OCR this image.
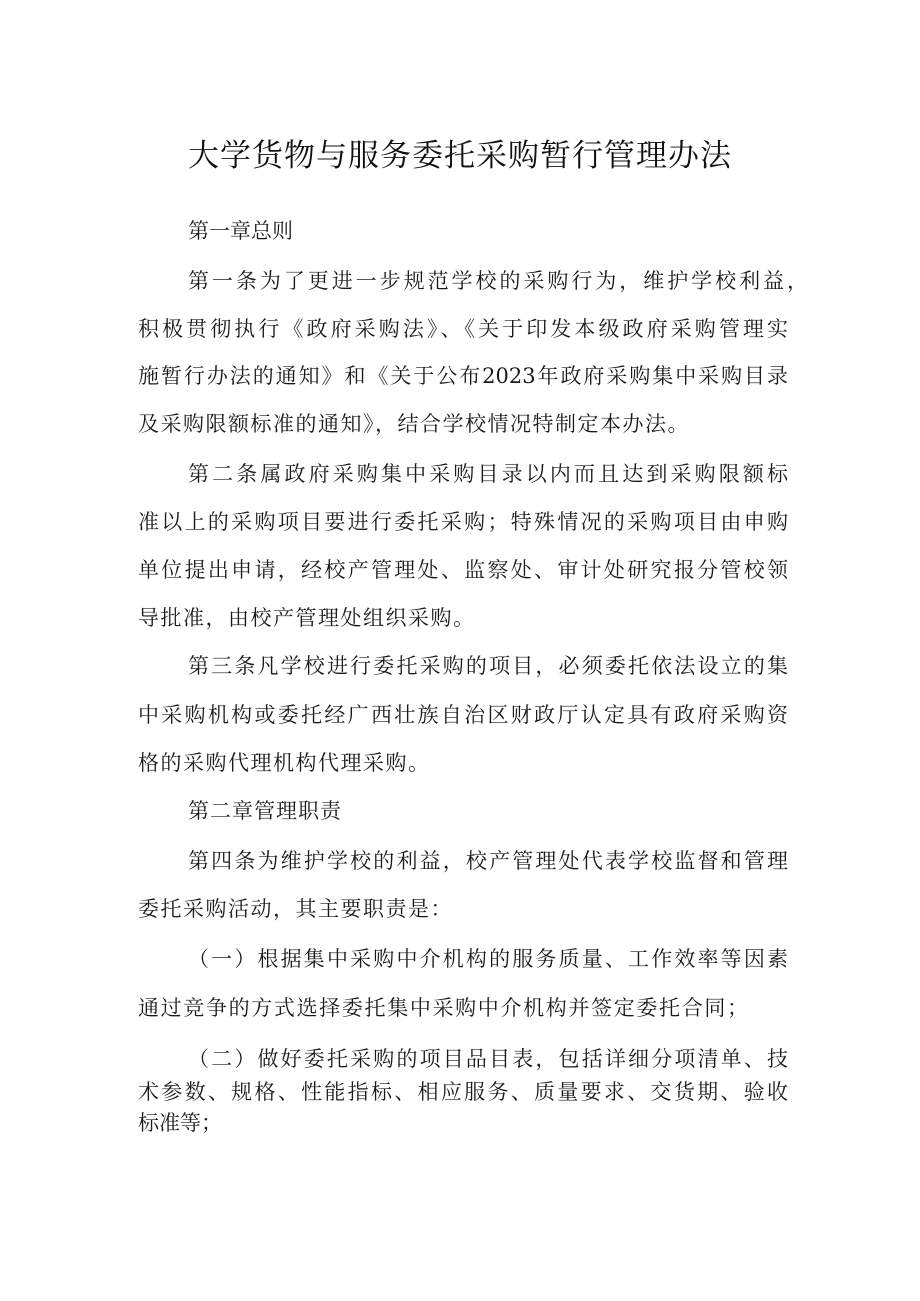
大学货物与服务委托采购暂行管理办法
第一章总则
第一条为了更进一步规范学校的采购行为，维护学校利益，
积极贯彻执行《政府采购法》、《关于印发本级政府采购管理实
施暂行办法的通知》和《关于公布2023年政府采购集中采购目录
及采购限额标准的通知》，结合学校情况特制定本办法。
第二条属政府采购集中采购目录以内而且达到采购限额标
准以上的采购项目要进行委托采购；特殊情况的采购项目由申购
单位提出申请，经校产管理处、监察处、审计处研究报分管校领
导批准，由校产管理处组织采购。
第三条凡学校进行委托采购的项目，必须委托依法设立的集
中采购机构或委托经广西壮族自治区财政厅认定具有政府采购资
格的采购代理机构代理采购。
第二章管理职责
第四条为维护学校的利益，校产管理处代表学校监督和管理
委托采购活动，其主要职责是：
（一）根据集中采购中介机构的服务质量、工作效率等因素
通过竞争的方式选择委托集中采购中介机构并签定委托合同；
（二）做好委托采购的项目品目表，包括详细分项清单、技
术参数、规格、性能指标、相应服务、质量要求、交货期、验收
标准等；
